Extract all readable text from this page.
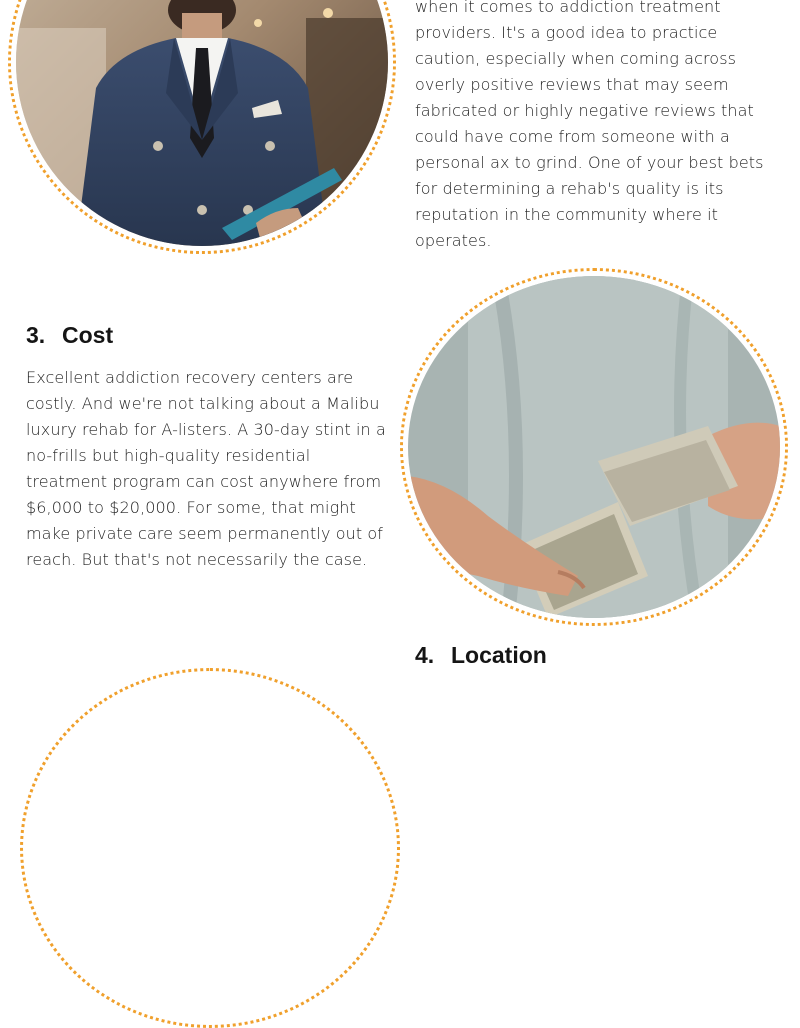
when it comes to addiction treatment
providers. It's a good idea to practice
caution, especially when coming across
overly positive reviews that may seem
fabricated or highly negative reviews that
could have come from someone with a
personal ax to grind. One of your best bets
for determining a rehab's quality is its
reputation in the community where it
operates.
3. Cost
Excellent addiction recovery centers are
costly. And we're not talking about a Malibu
luxury rehab for A-listers. A 30-day stint in a
no-frills but high-quality residential
treatment program can cost anywhere from
$6,000 to $20,000. For some, that might
make private care seem permanently out of
reach. But that's not necessarily the case.
4. Location
